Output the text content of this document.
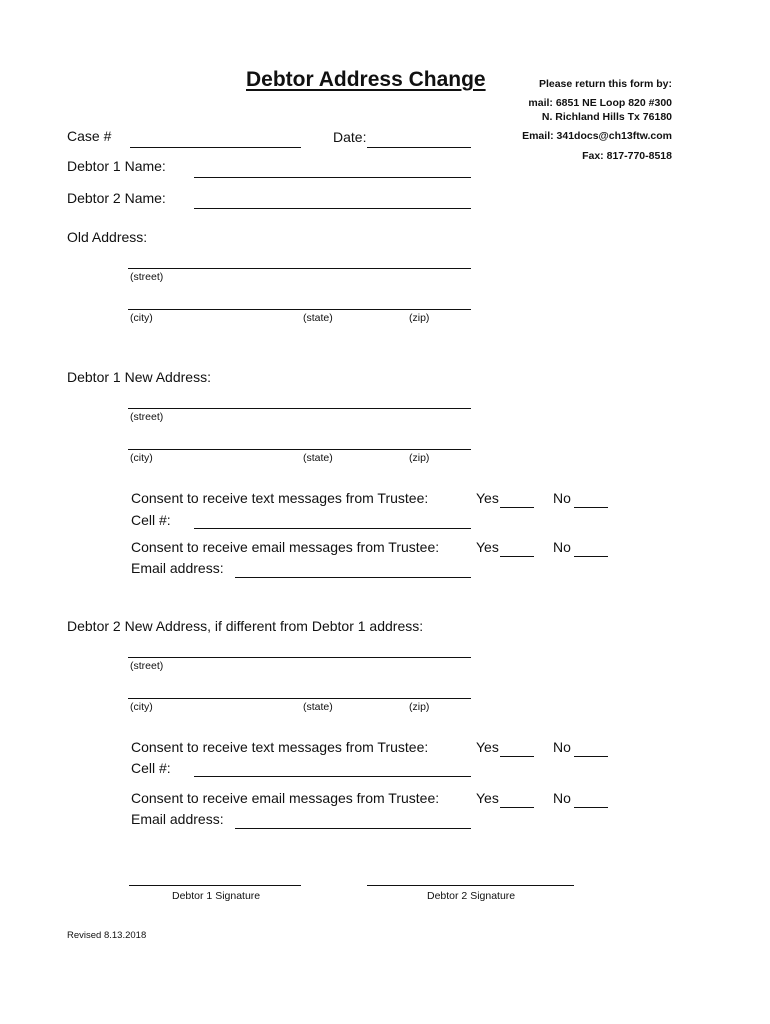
Debtor Address Change	Please return this form by:
mail: 6851 NE Loop 820 #300
N. Richland Hills Tx 76180
Email: 341docs@ch13ftw.com
Fax: 817-770-8518
Case #	Date:
Debtor 1 Name:
Debtor 2 Name:
Old Address:
(street)
(city)	(state)	(zip)
Debtor 1 New Address:
(street)
(city)	(state)	(zip)
Consent to receive text messages from Trustee:	Yes	No
Cell #:
Consent to receive email messages from Trustee:	Yes	No
Email address:
Debtor 2 New Address, if different from Debtor 1 address:
(street)
(city)	(state)	(zip)
Consent to receive text messages from Trustee:	Yes	No
Cell #:
Consent to receive email messages from Trustee:	Yes	No
Email address:
Debtor 1 Signature	Debtor 2 Signature
Revised 8.13.2018
